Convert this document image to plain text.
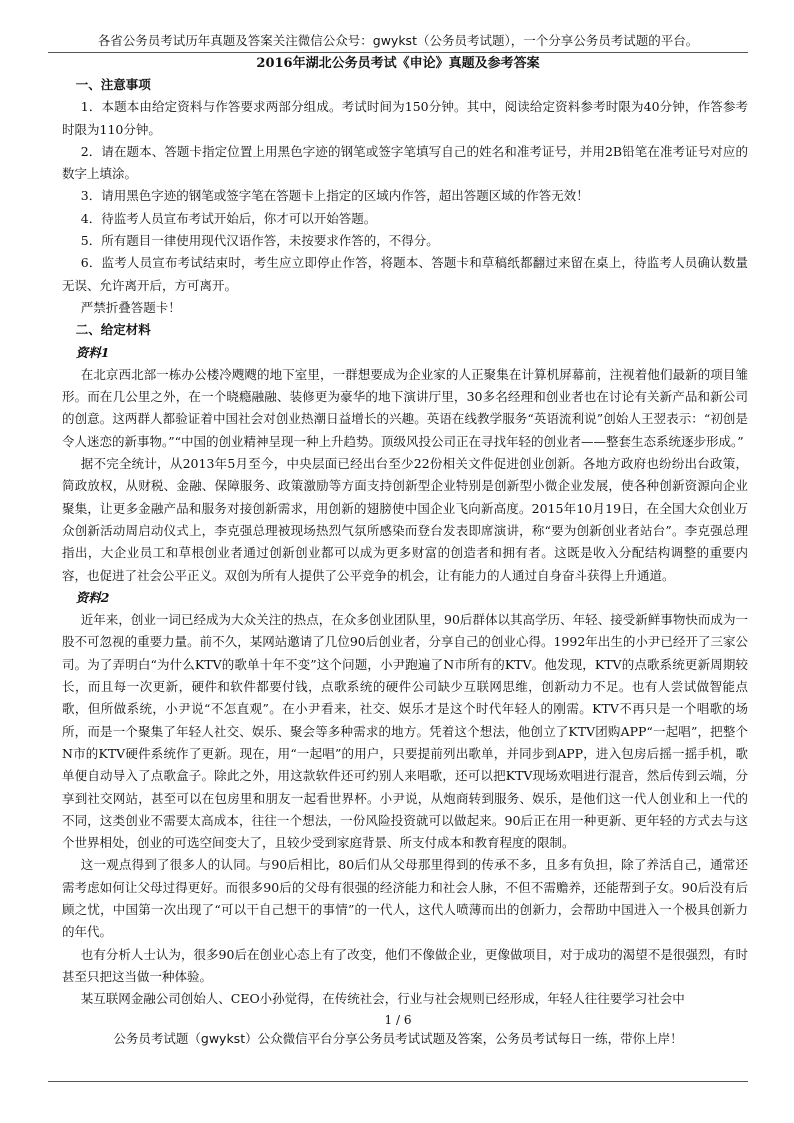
各省公务员考试历年真题及答案关注微信公众号：gwykst（公务员考试题），一个分享公务员考试题的平台。
2016年湖北公务员考试《申论》真题及参考答案

一、注意事项

1．本题本由给定资料与作答要求两部分组成。考试时间为150分钟。其中，阅读给定资料参考时限为40分钟，作答参考时限为110分钟。

2．请在题本、答题卡指定位置上用黑色字迹的钢笔或签字笔填写自己的姓名和准考证号，并用2B铅笔在准考证号对应的数字上填涂。

3．请用黑色字迹的钢笔或签字笔在答题卡上指定的区域内作答，超出答题区域的作答无效！

4．待监考人员宣布考试开始后，你才可以开始答题。

5．所有题目一律使用现代汉语作答，未按要求作答的，不得分。

6．监考人员宣布考试结束时，考生应立即停止作答，将题本、答题卡和草稿纸都翻过来留在桌上，待监考人员确认数量无误、允许离开后，方可离开。

严禁折叠答题卡！

二、给定材料

资料1

在北京西北部一栋办公楼冷飕飕的地下室里，一群想要成为企业家的人正聚集在计算机屏幕前，注视着他们最新的项目雏形。而在几公里之外，在一个晓瘾融融、装修更为豪华的地下演讲厅里，30多名经理和创业者也在讨论有关新产品和新公司的创意。这两群人都验证着中国社会对创业热潮日益增长的兴趣。英语在线教学服务“英语流利说”创始人王翌表示：“初创是令人迷恋的新事物。”“中国的创业精神呈现一种上升趋势。顶级风投公司正在寻找年轻的创业者——整套生态系统逐步形成。”

据不完全统计，从2013年5月至今，中央层面已经出台至少22份相关文件促进创业创新。各地方政府也纷纷出台政策，简政放权，从财税、金融、保障服务、政策激励等方面支持创新型企业特别是创新型小微企业发展，使各种创新资源向企业聚集，让更多金融产品和服务对接创新需求，用创新的翅膀使中国企业飞向新高度。2015年10月19日，在全国大众创业万众创新活动周启动仪式上，李克强总理被现场热烈气氛所感染而登台发表即席演讲，称“要为创新创业者站台”。李克强总理指出，大企业员工和草根创业者通过创新创业都可以成为更多财富的创造者和拥有者。这既是收入分配结构调整的重要内容，也促进了社会公平正义。双创为所有人提供了公平竞争的机会，让有能力的人通过自身奋斗获得上升通道。

资料2

近年来，创业一词已经成为大众关注的热点，在众多创业团队里，90后群体以其高学历、年轻、接受新鲜事物快而成为一股不可忽视的重要力量。前不久，某网站邀请了几位90后创业者，分享自己的创业心得。1992年出生的小尹已经开了三家公司。为了弄明白“为什么KTV的歌单十年不变”这个问题，小尹跑遍了N市所有的KTV。他发现，KTV的点歌系统更新周期较长，而且每一次更新，硬件和软件都要付钱，点歌系统的硬件公司缺少互联网思维，创新动力不足。也有人尝试做智能点歌，但所做系统，小尹说“不怎直观”。在小尹看来，社交、娱乐才是这个时代年轻人的刚需。KTV不再只是一个唱歌的场所，而是一个聚集了年轻人社交、娱乐、聚会等多种需求的地方。凭着这个想法，他创立了KTV团购APP“一起唱”，把整个N市的KTV硬件系统作了更新。现在，用“一起唱”的用户，只要提前列出歌单，并同步到APP，进入包房后摇一摇手机，歌单便自动导入了点歌盒子。除此之外，用这款软件还可约别人来唱歌，还可以把KTV现场欢唱进行混音，然后传到云端，分享到社交网站，甚至可以在包房里和朋友一起看世界杯。小尹说，从炮商转到服务、娱乐，是他们这一代人创业和上一代的不同，这类创业不需要太高成本，往往一个想法，一份风险投资就可以做起来。90后正在用一种更新、更年轻的方式去与这个世界相处，创业的可选空间变大了，且较少受到家庭背景、所支付成本和教育程度的限制。

这一观点得到了很多人的认同。与90后相比，80后们从父母那里得到的传承不多，且多有负担，除了养活自己，通常还需考虑如何让父母过得更好。而很多90后的父母有很强的经济能力和社会人脉，不但不需赡养，还能帮到子女。90后没有后顾之忧，中国第一次出现了“可以干自己想干的事情”的一代人，这代人喷薄而出的创新力，会帮助中国进入一个极具创新力的年代。

也有分析人士认为，很多90后在创业心态上有了改变，他们不像做企业，更像做项目，对于成功的渴望不是很强烈，有时甚至只把这当做一种体验。

某互联网金融公司创始人、CEO小孙觉得，在传统社会，行业与社会规则已经形成，年轻人往往要学习社会中

1 / 6
公务员考试题（gwykst）公众微信平台分享公务员考试试题及答案，公务员考试每日一练，带你上岸！
